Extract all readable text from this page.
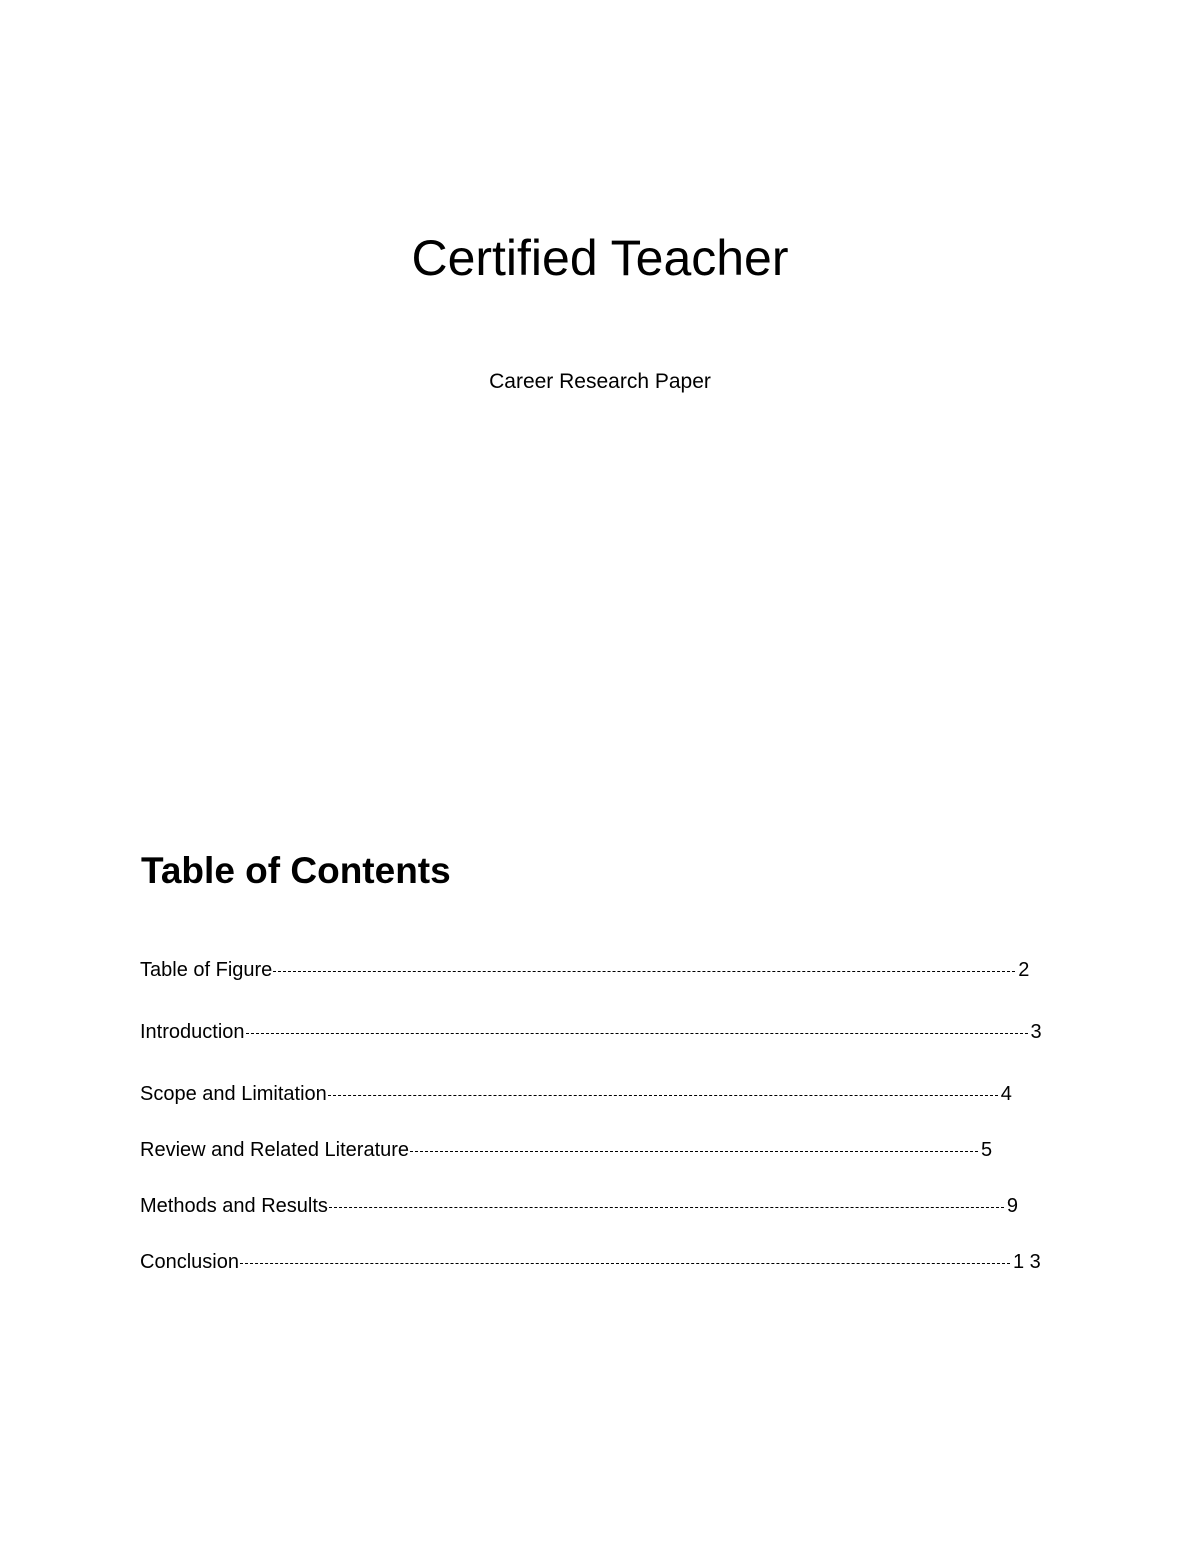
Certified Teacher

Career Research Paper

Table of Contents
Table of Figure	2
Introduction	3
Scope and Limitation	4
Review and Related Literature	5
Methods and Results	9
Conclusion	1 3
